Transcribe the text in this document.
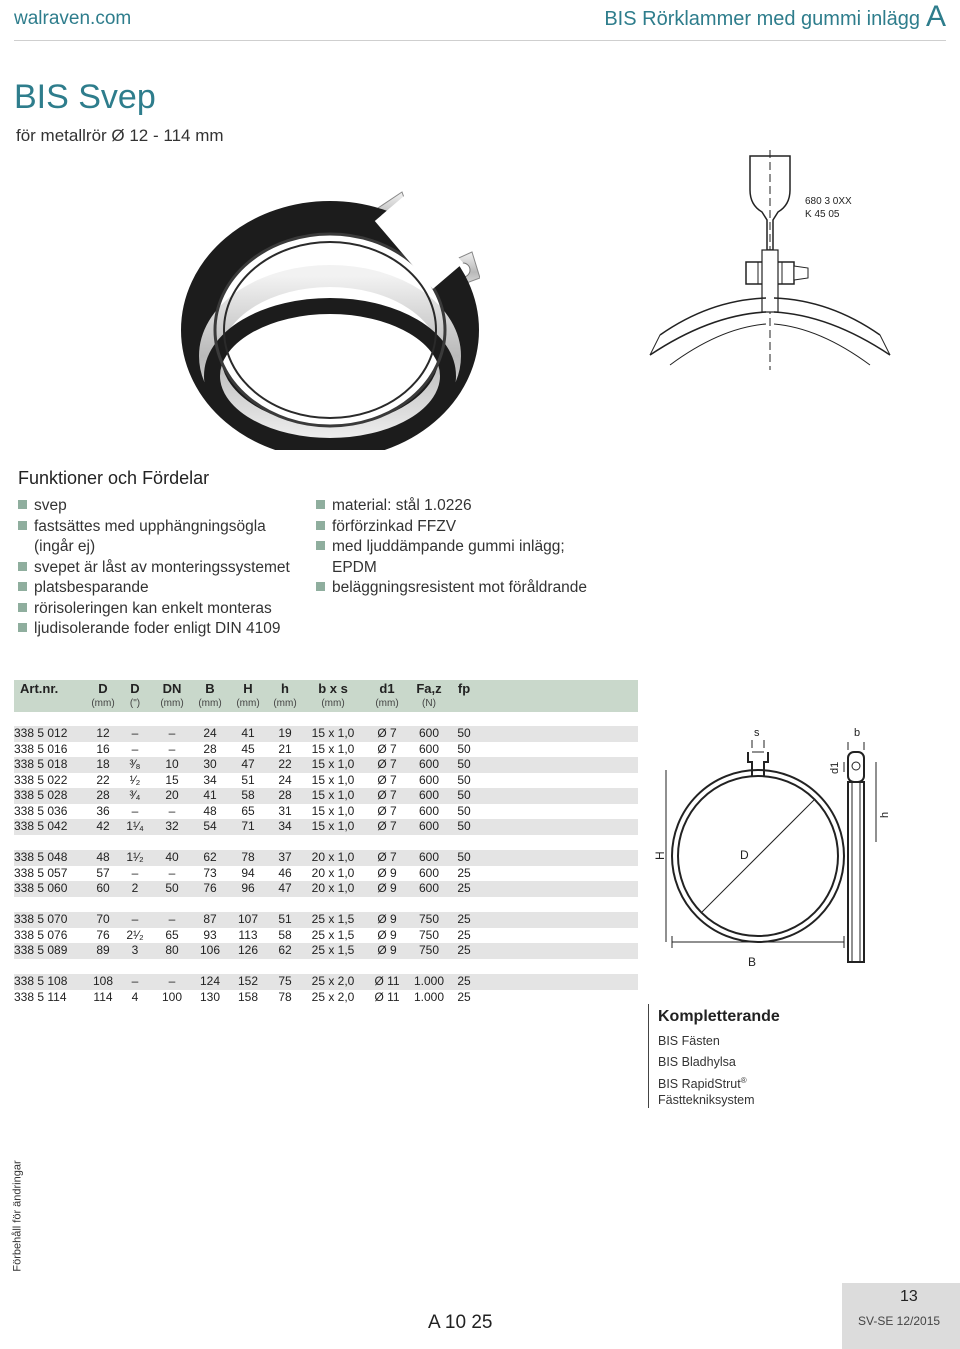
walraven.com	BIS Rörklammer med gummi inlägg A
BIS Svep
för metallrör Ø 12 - 114 mm
680 3 0XX
K 45 05
Funktioner och Fördelar
svep
fastsättes med upphängningsögla
(ingår ej)
svepet är låst av monteringssystemet
platsbesparande
rörisoleringen kan enkelt monteras
ljudisolerande foder enligt DIN 4109
material: stål 1.0226
förförzinkad FFZV
med ljuddämpande gummi inlägg;
EPDM
beläggningsresistent mot föråldrande
Art.nr.	D
(mm)
D
(")
DN
(mm)
B
(mm)
H
(mm)
h
(mm)
b x s
(mm)
d1
(mm)
Fa,z
(N)
fp
338 5 012	12	–	–	24	41	19	15 x 1,0	Ø 7	600	50
338 5 016	16	–	–	28	45	21	15 x 1,0	Ø 7	600	50
338 5 018	18	³⁄₈	10	30	47	22	15 x 1,0	Ø 7	600	50
338 5 022	22	¹⁄₂	15	34	51	24	15 x 1,0	Ø 7	600	50
338 5 028	28	³⁄₄	20	41	58	28	15 x 1,0	Ø 7	600	50
338 5 036	36	–	–	48	65	31	15 x 1,0	Ø 7	600	50
338 5 042	42	1¹⁄₄	32	54	71	34	15 x 1,0	Ø 7	600	50
338 5 048	48	1¹⁄₂	40	62	78	37	20 x 1,0	Ø 7	600	50
338 5 057	57	–	–	73	94	46	20 x 1,0	Ø 9	600	25
338 5 060	60	2	50	76	96	47	20 x 1,0	Ø 9	600	25
338 5 070	70	–	–	87	107	51	25 x 1,5	Ø 9	750	25
338 5 076	76	2¹⁄₂	65	93	113	58	25 x 1,5	Ø 9	750	25
338 5 089	89	3	80	106	126	62	25 x 1,5	Ø 9	750	25
338 5 108	108	–	–	124	152	75	25 x 2,0	Ø 11	1.000	25
338 5 114	114	4	100	130	158	78	25 x 2,0	Ø 11	1.000	25
s
D
H
B
b
d1
h
Kompletterande
BIS Fästen
BIS Bladhylsa
BIS RapidStrut®
Fästtekniksystem
Förbehåll för ändringar
A 10 25
13
SV-SE 12/2015
